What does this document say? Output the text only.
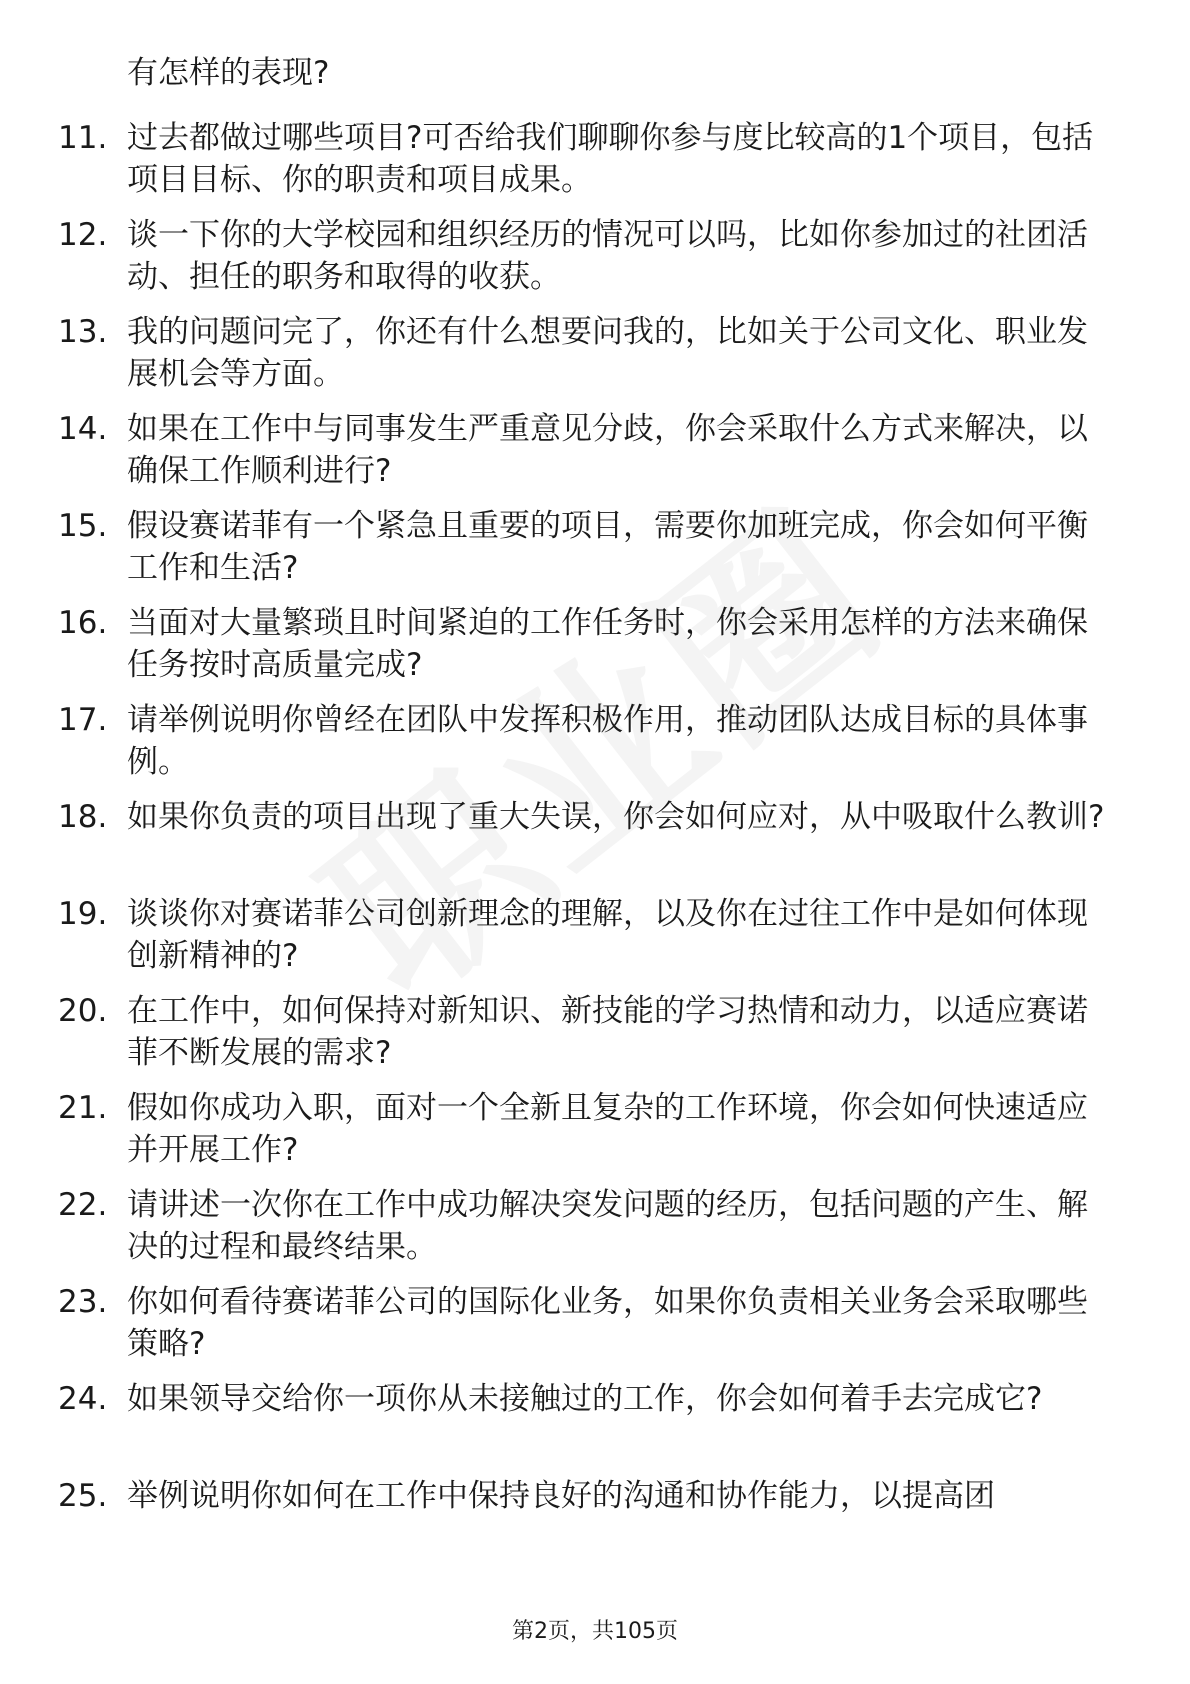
有怎样的表现?
11. 过去都做过哪些项目?可否给我们聊聊你参与度比较高的1个项目，包括项目目标、你的职责和项目成果。
12. 谈一下你的大学校园和组织经历的情况可以吗，比如你参加过的社团活动、担任的职务和取得的收获。
13. 我的问题问完了，你还有什么想要问我的，比如关于公司文化、职业发展机会等方面。
14. 如果在工作中与同事发生严重意见分歧，你会采取什么方式来解决，以确保工作顺利进行?
15. 假设赛诺菲有一个紧急且重要的项目，需要你加班完成，你会如何平衡工作和生活?
16. 当面对大量繁琐且时间紧迫的工作任务时，你会采用怎样的方法来确保任务按时高质量完成?
17. 请举例说明你曾经在团队中发挥积极作用，推动团队达成目标的具体事例。
18. 如果你负责的项目出现了重大失误，你会如何应对，从中吸取什么教训?
19. 谈谈你对赛诺菲公司创新理念的理解，以及你在过往工作中是如何体现创新精神的?
20. 在工作中，如何保持对新知识、新技能的学习热情和动力，以适应赛诺菲不断发展的需求?
21. 假如你成功入职，面对一个全新且复杂的工作环境，你会如何快速适应并开展工作?
22. 请讲述一次你在工作中成功解决突发问题的经历，包括问题的产生、解决的过程和最终结果。
23. 你如何看待赛诺菲公司的国际化业务，如果你负责相关业务会采取哪些策略?
24. 如果领导交给你一项你从未接触过的工作，你会如何着手去完成它?
25. 举例说明你如何在工作中保持良好的沟通和协作能力，以提高团
第2页，共105页
